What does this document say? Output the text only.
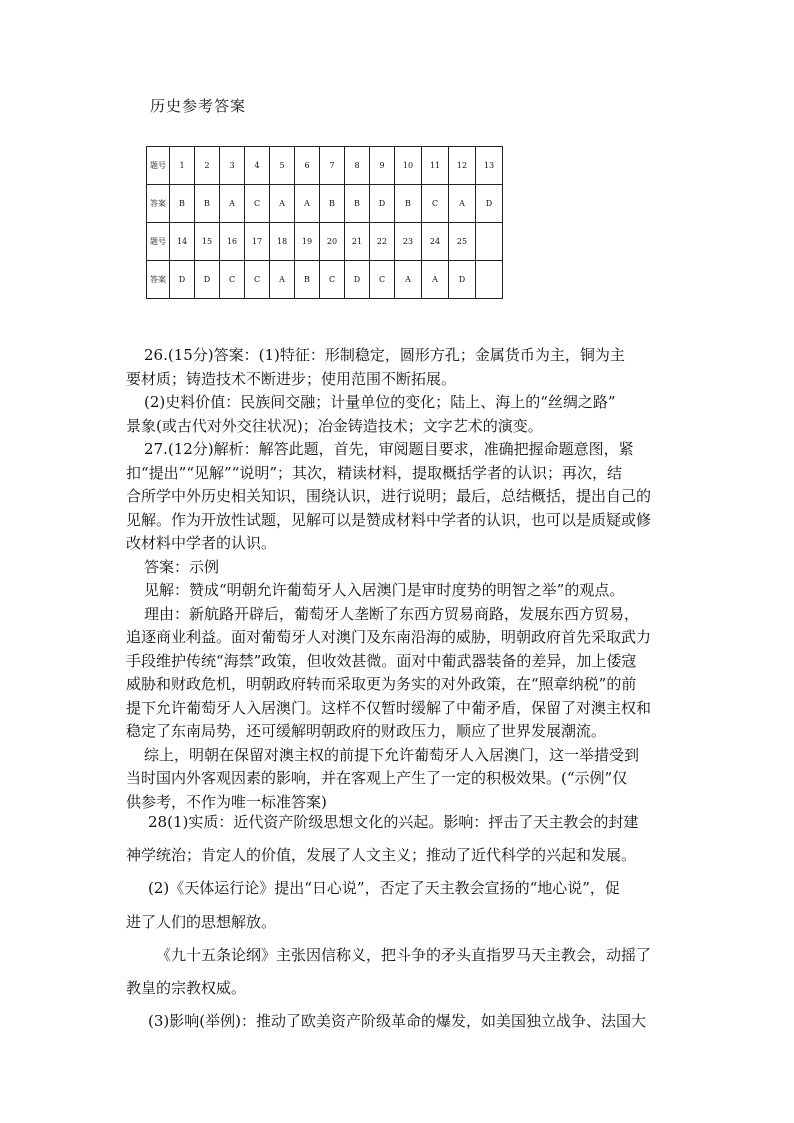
历史参考答案
题号	1	2	3	4	5	6	7	8	9	10	11	12	13
答案	B	B	A	C	A	A	B	B	D	B	C	A	D
题号	14	15	16	17	18	19	20	21	22	23	24	25	
答案	D	D	C	C	A	B	C	D	C	A	A	D	

26.(15分)答案：(1)特征：形制稳定，圆形方孔；金属货币为主，铜为主

要材质；铸造技术不断进步；使用范围不断拓展。

(2)史料价值：民族间交融；计量单位的变化；陆上、海上的“丝绸之路”

景象(或古代对外交往状况)；冶金铸造技术；文字艺术的演变。

27.(12分)解析：解答此题，首先，审阅题目要求，准确把握命题意图，紧

扣“提出”“见解”“说明”；其次，精读材料，提取概括学者的认识；再次，结

合所学中外历史相关知识，围绕认识，进行说明；最后，总结概括，提出自己的

见解。作为开放性试题，见解可以是赞成材料中学者的认识，也可以是质疑或修

改材料中学者的认识。

答案：示例

见解：赞成“明朝允许葡萄牙人入居澳门是审时度势的明智之举”的观点。

理由：新航路开辟后，葡萄牙人垄断了东西方贸易商路，发展东西方贸易，

追逐商业利益。面对葡萄牙人对澳门及东南沿海的威胁，明朝政府首先采取武力

手段维护传统“海禁”政策，但收效甚微。面对中葡武器装备的差异，加上倭寇

威胁和财政危机，明朝政府转而采取更为务实的对外政策，在“照章纳税”的前

提下允许葡萄牙人入居澳门。这样不仅暂时缓解了中葡矛盾，保留了对澳主权和

稳定了东南局势，还可缓解明朝政府的财政压力，顺应了世界发展潮流。

综上，明朝在保留对澳主权的前提下允许葡萄牙人入居澳门，这一举措受到

当时国内外客观因素的影响，并在客观上产生了一定的积极效果。(“示例”仅

供参考，不作为唯一标准答案)

28(1)实质：近代资产阶级思想文化的兴起。影响：抨击了天主教会的封建

神学统治；肯定人的价值，发展了人文主义；推动了近代科学的兴起和发展。

(2)《天体运行论》提出“日心说”，否定了天主教会宣扬的“地心说”，促

进了人们的思想解放。

《九十五条论纲》主张因信称义，把斗争的矛头直指罗马天主教会，动摇了

教皇的宗教权威。

(3)影响(举例)：推动了欧美资产阶级革命的爆发，如美国独立战争、法国大
